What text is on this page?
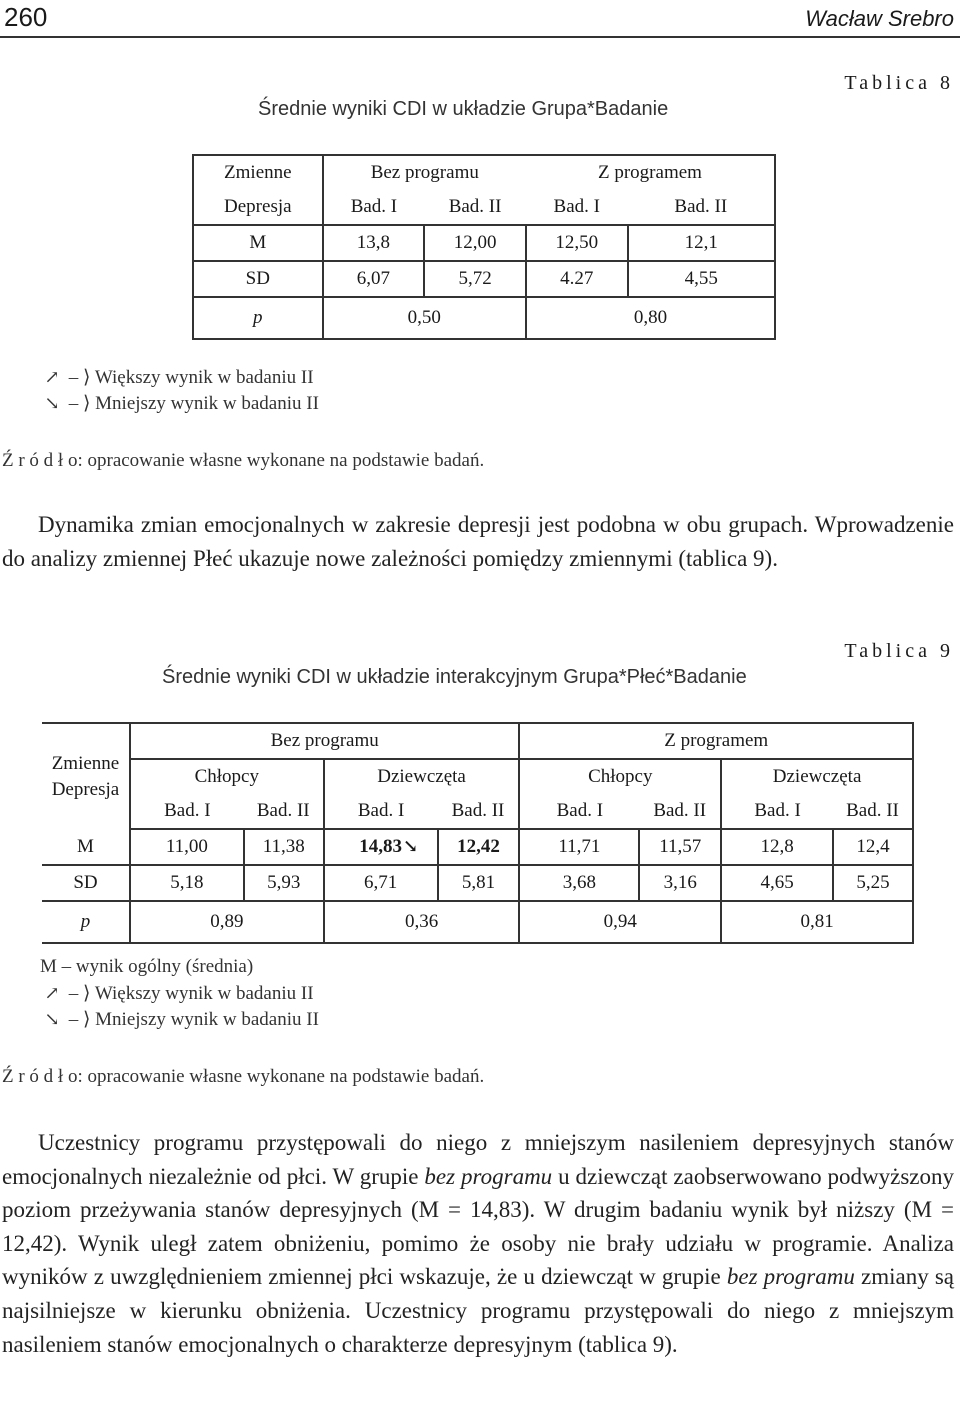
260	Wacław Srebro
Tablica 8
Średnie wyniki CDI w układzie Grupa*Badanie
Zmienne	Bez programu		Z programem	
Depresja	Bad. I	Bad. II	Bad. I	Bad. II
M	13,8	12,00	12,50	12,1
SD	6,07	5,72	4.27	4,55
p	0,50		0,80	
↗ – ⟩ Większy wynik w badaniu II
↘ – ⟩ Mniejszy wynik w badaniu II
Ź r ó d ł o: opracowanie własne wykonane na podstawie badań.

Dynamika zmian emocjonalnych w zakresie depresji jest podobna w obu grupach. Wprowadzenie do analizy zmiennej Płeć ukazuje nowe zależności pomiędzy zmiennymi (tablica 9).

Tablica 9
Średnie wyniki CDI w układzie interakcyjnym Grupa*Płeć*Badanie
Zmienne
Depresja	Bez programu				Z programem			
	Chłopcy		Dziewczęta		Chłopcy		Dziewczęta	
	Bad. I	Bad. II	Bad. I	Bad. II	Bad. I	Bad. II	Bad. I	Bad. II
M	11,00	11,38	14,83	↘ 12,42	11,71	11,57	12,8	12,4
SD	5,18	5,93	6,71	5,81	3,68	3,16	4,65	5,25
p	0,89		0,36		0,94		0,81	
M – wynik ogólny (średnia)
↗ – ⟩ Większy wynik w badaniu II
↘ – ⟩ Mniejszy wynik w badaniu II
Ź r ó d ł o: opracowanie własne wykonane na podstawie badań.

Uczestnicy programu przystępowali do niego z mniejszym nasileniem depresyjnych stanów emocjonalnych niezależnie od płci. W grupie bez programu u dziewcząt zaobserwowano podwyższony poziom przeżywania stanów depresyjnych (M = 14,83). W drugim badaniu wynik był niższy (M = 12,42). Wynik uległ zatem obniżeniu, pomimo że osoby nie brały udziału w programie. Analiza wyników z uwzględnieniem zmiennej płci wskazuje, że u dziewcząt w grupie bez programu zmiany są najsilniejsze w kierunku obniżenia. Uczestnicy programu przystępowali do niego z mniejszym nasileniem stanów emocjonalnych o charakterze depresyjnym (tablica 9).
